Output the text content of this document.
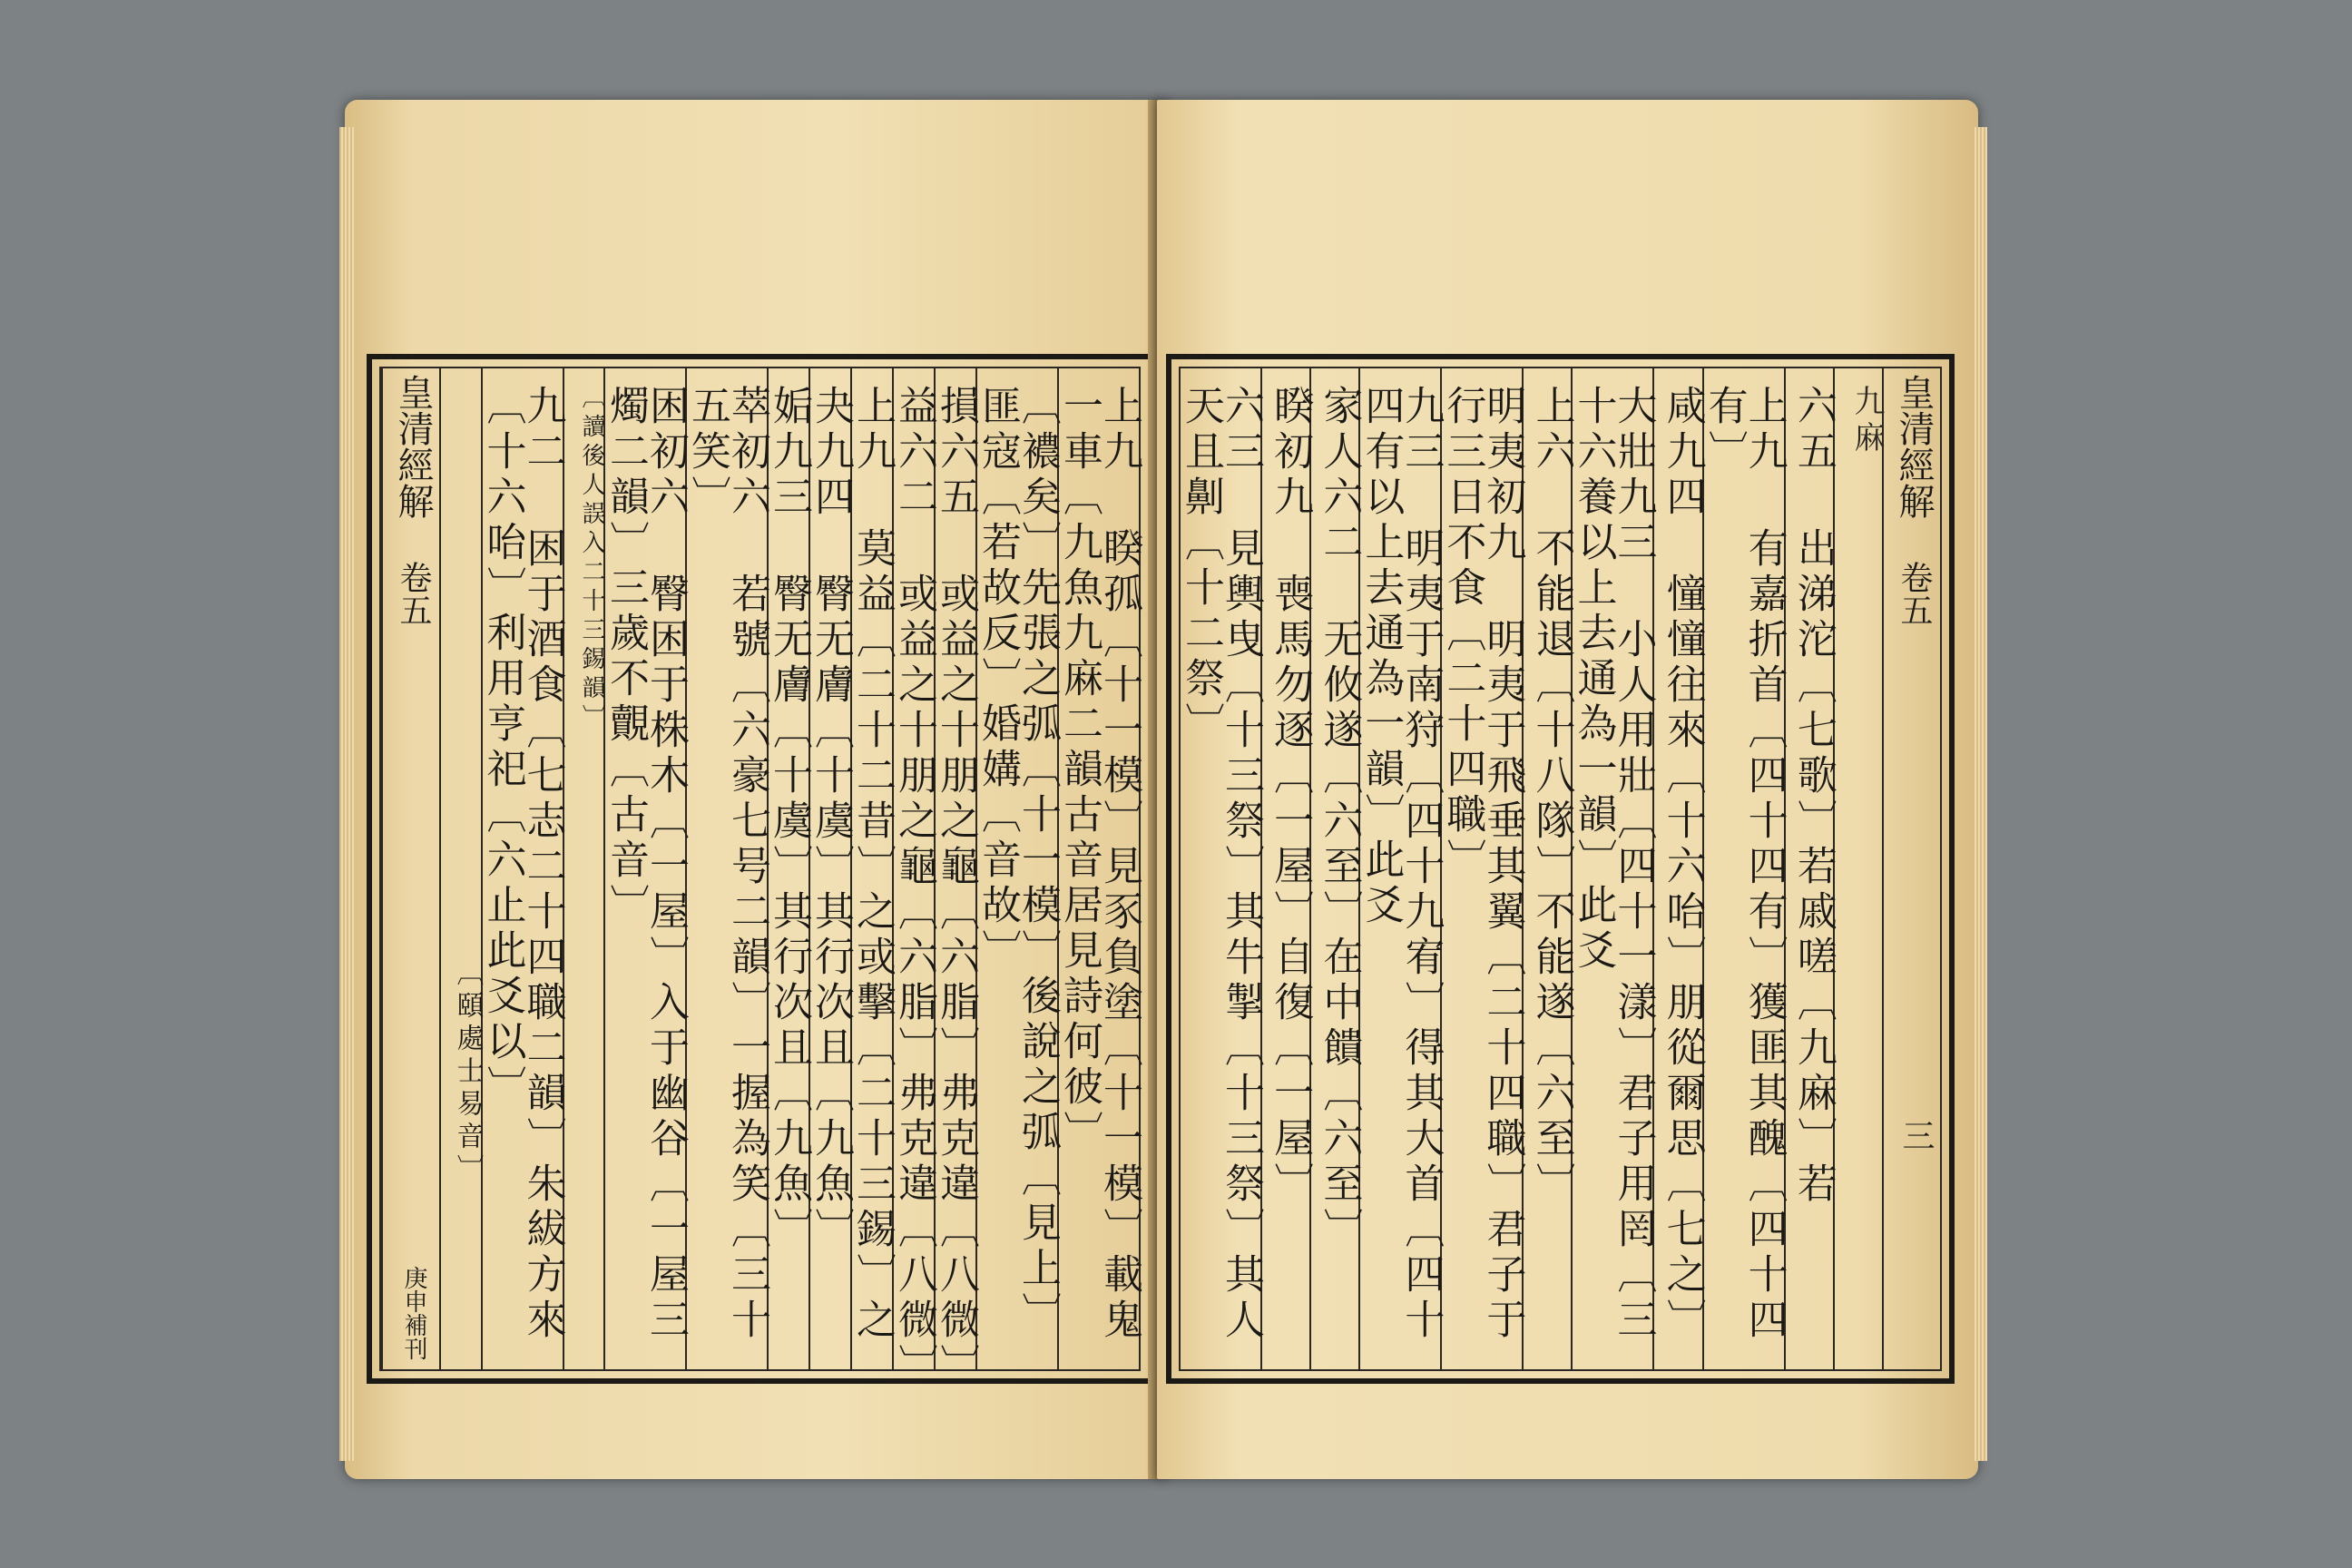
上九 睽孤〔十一模〕見豕負塗〔十一模〕載鬼一車〔九魚九麻二韻古音居見詩何彼〕
〔襛矣〕先張之弧〔十一模〕後說之弧〔見上〕匪寇〔若故反〕婚媾〔音故〕
損六五 或益之十朋之龜〔六脂〕弗克違〔八微〕
益六二 或益之十朋之龜〔六脂〕弗克違〔八微〕
上九 莫益〔二十二昔〕之或擊〔二十三錫〕之
夬九四 臀无膚〔十虞〕其行次且〔九魚〕
姤九三 臀无膚〔十虞〕其行次且〔九魚〕
萃初六 若號〔六豪七号二韻〕一握為笑〔三十五笑〕
困初六 臀困于株木〔一屋〕入于幽谷〔一屋三燭二韻〕三歲不覿〔古音〕
〔讀後人誤入二十三錫韻〕
九二 困于酒食〔七志二十四職二韻〕朱紱方來〔十六咍〕利用亨祀〔六止此爻以〕
〔頤處士易音〕
皇清經解 卷五
庚申補刊
皇清經解 卷五
三
九麻
六五 出涕沱〔七歌〕若戚嗟〔九麻〕若
上九 有嘉折首〔四十四有〕獲匪其醜〔四十四有〕
咸九四 憧憧往來〔十六咍〕朋從爾思〔七之〕
大壯九三 小人用壯〔四十一漾〕君子用罔〔三十六養以上去通為一韻〕此爻
上六 不能退〔十八隊〕不能遂〔六至〕
明夷初九 明夷于飛垂其翼〔二十四職〕君子于行三日不食〔二十四職〕
九三 明夷于南狩〔四十九宥〕得其大首〔四十四有以上去通為一韻〕此爻
家人六二 无攸遂〔六至〕在中饋〔六至〕
睽初九 喪馬勿逐〔一屋〕自復〔一屋〕
六三 見輿曳〔十三祭〕其牛掣〔十三祭〕其人天且劓〔十二祭〕
